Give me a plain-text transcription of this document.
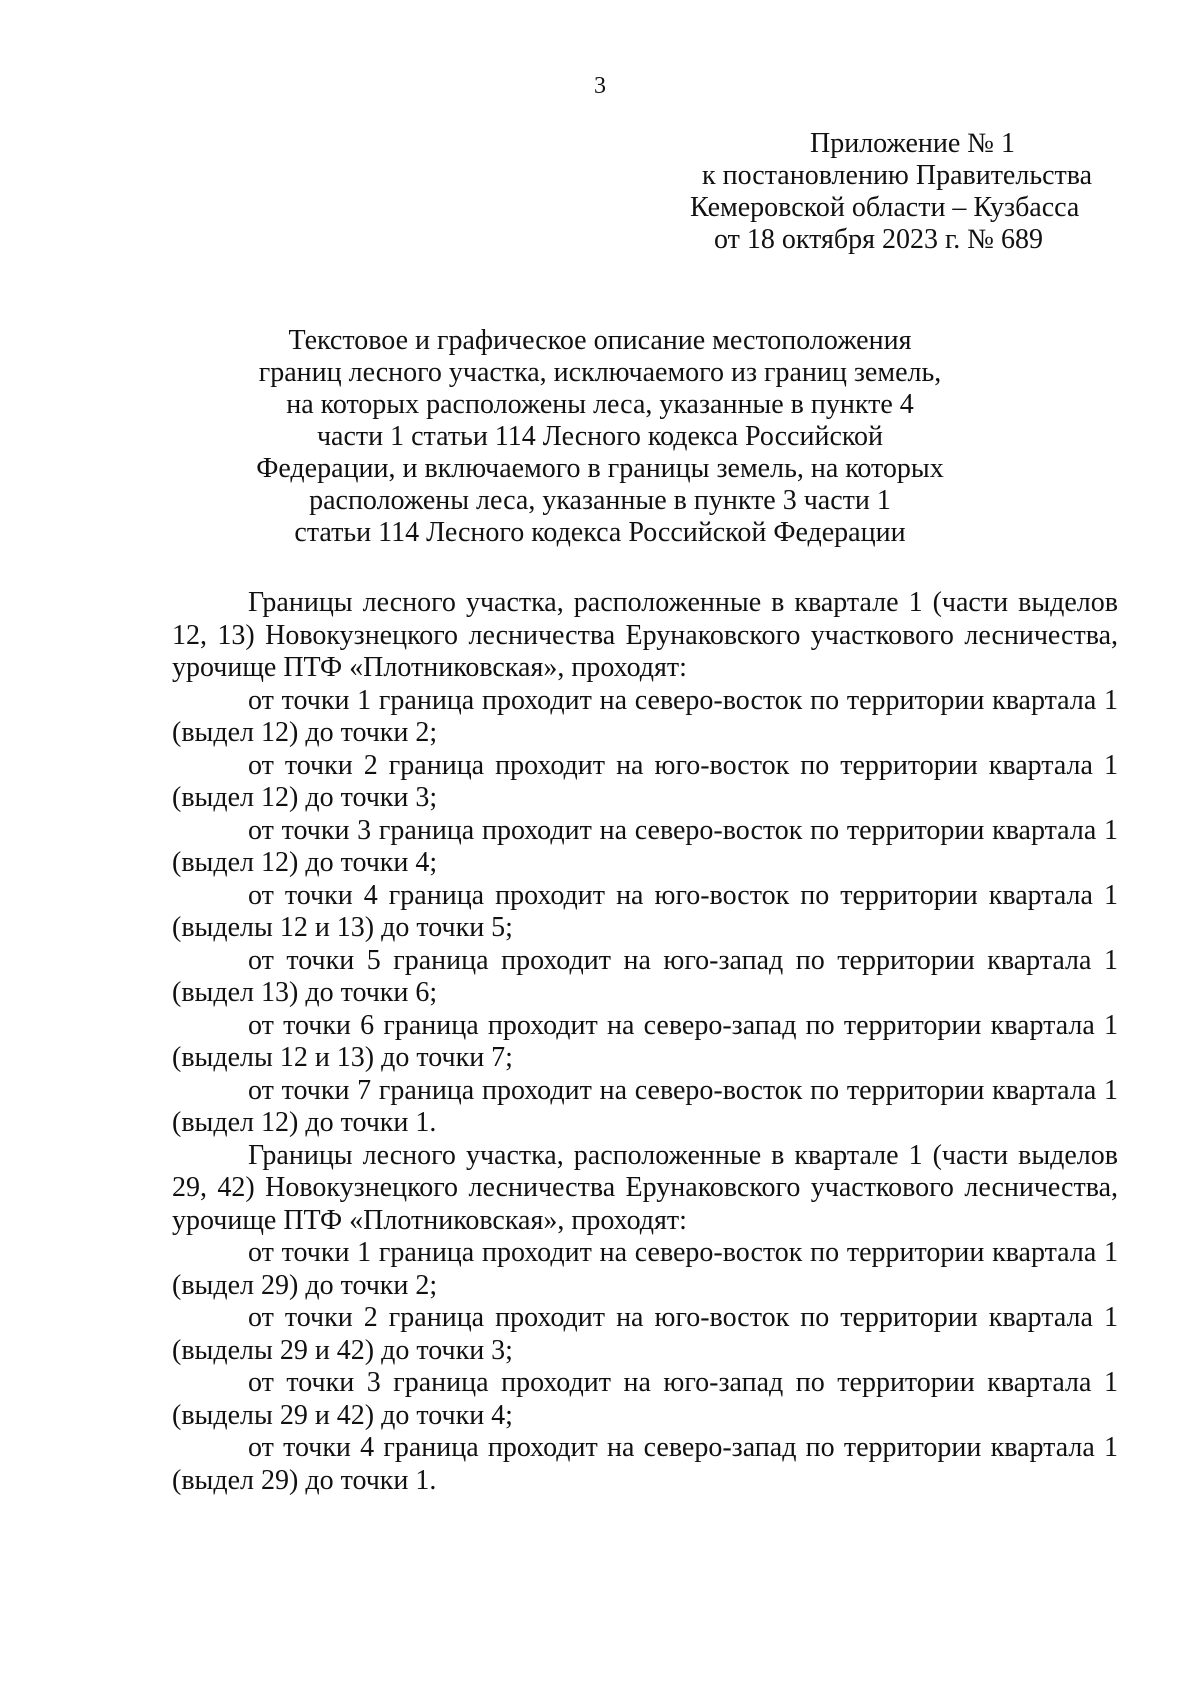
3
Приложение № 1
к постановлению Правительства
Кемеровской области – Кузбасса
от 18 октября 2023 г. № 689
Текстовое и графическое описание местоположения
границ лесного участка, исключаемого из границ земель,
на которых расположены леса, указанные в пункте 4
части 1 статьи 114 Лесного кодекса Российской
Федерации, и включаемого в границы земель, на которых
расположены леса, указанные в пункте 3 части 1
статьи 114 Лесного кодекса Российской Федерации

Границы лесного участка, расположенные в квартале 1 (части выделов 12, 13) Новокузнецкого лесничества Ерунаковского участкового лесничества, урочище ПТФ «Плотниковская», проходят:

от точки 1 граница проходит на северо-восток по территории квартала 1 (выдел 12) до точки 2;

от точки 2 граница проходит на юго-восток по территории квартала 1 (выдел 12) до точки 3;

от точки 3 граница проходит на северо-восток по территории квартала 1 (выдел 12) до точки 4;

от точки 4 граница проходит на юго-восток по территории квартала 1 (выделы 12 и 13) до точки 5;

от точки 5 граница проходит на юго-запад по территории квартала 1 (выдел 13) до точки 6;

от точки 6 граница проходит на северо-запад по территории квартала 1 (выделы 12 и 13) до точки 7;

от точки 7 граница проходит на северо-восток по территории квартала 1 (выдел 12) до точки 1.

Границы лесного участка, расположенные в квартале 1 (части выделов 29, 42) Новокузнецкого лесничества Ерунаковского участкового лесничества, урочище ПТФ «Плотниковская», проходят:

от точки 1 граница проходит на северо-восток по территории квартала 1 (выдел 29) до точки 2;

от точки 2 граница проходит на юго-восток по территории квартала 1 (выделы 29 и 42) до точки 3;

от точки 3 граница проходит на юго-запад по территории квартала 1 (выделы 29 и 42) до точки 4;

от точки 4 граница проходит на северо-запад по территории квартала 1 (выдел 29) до точки 1.
